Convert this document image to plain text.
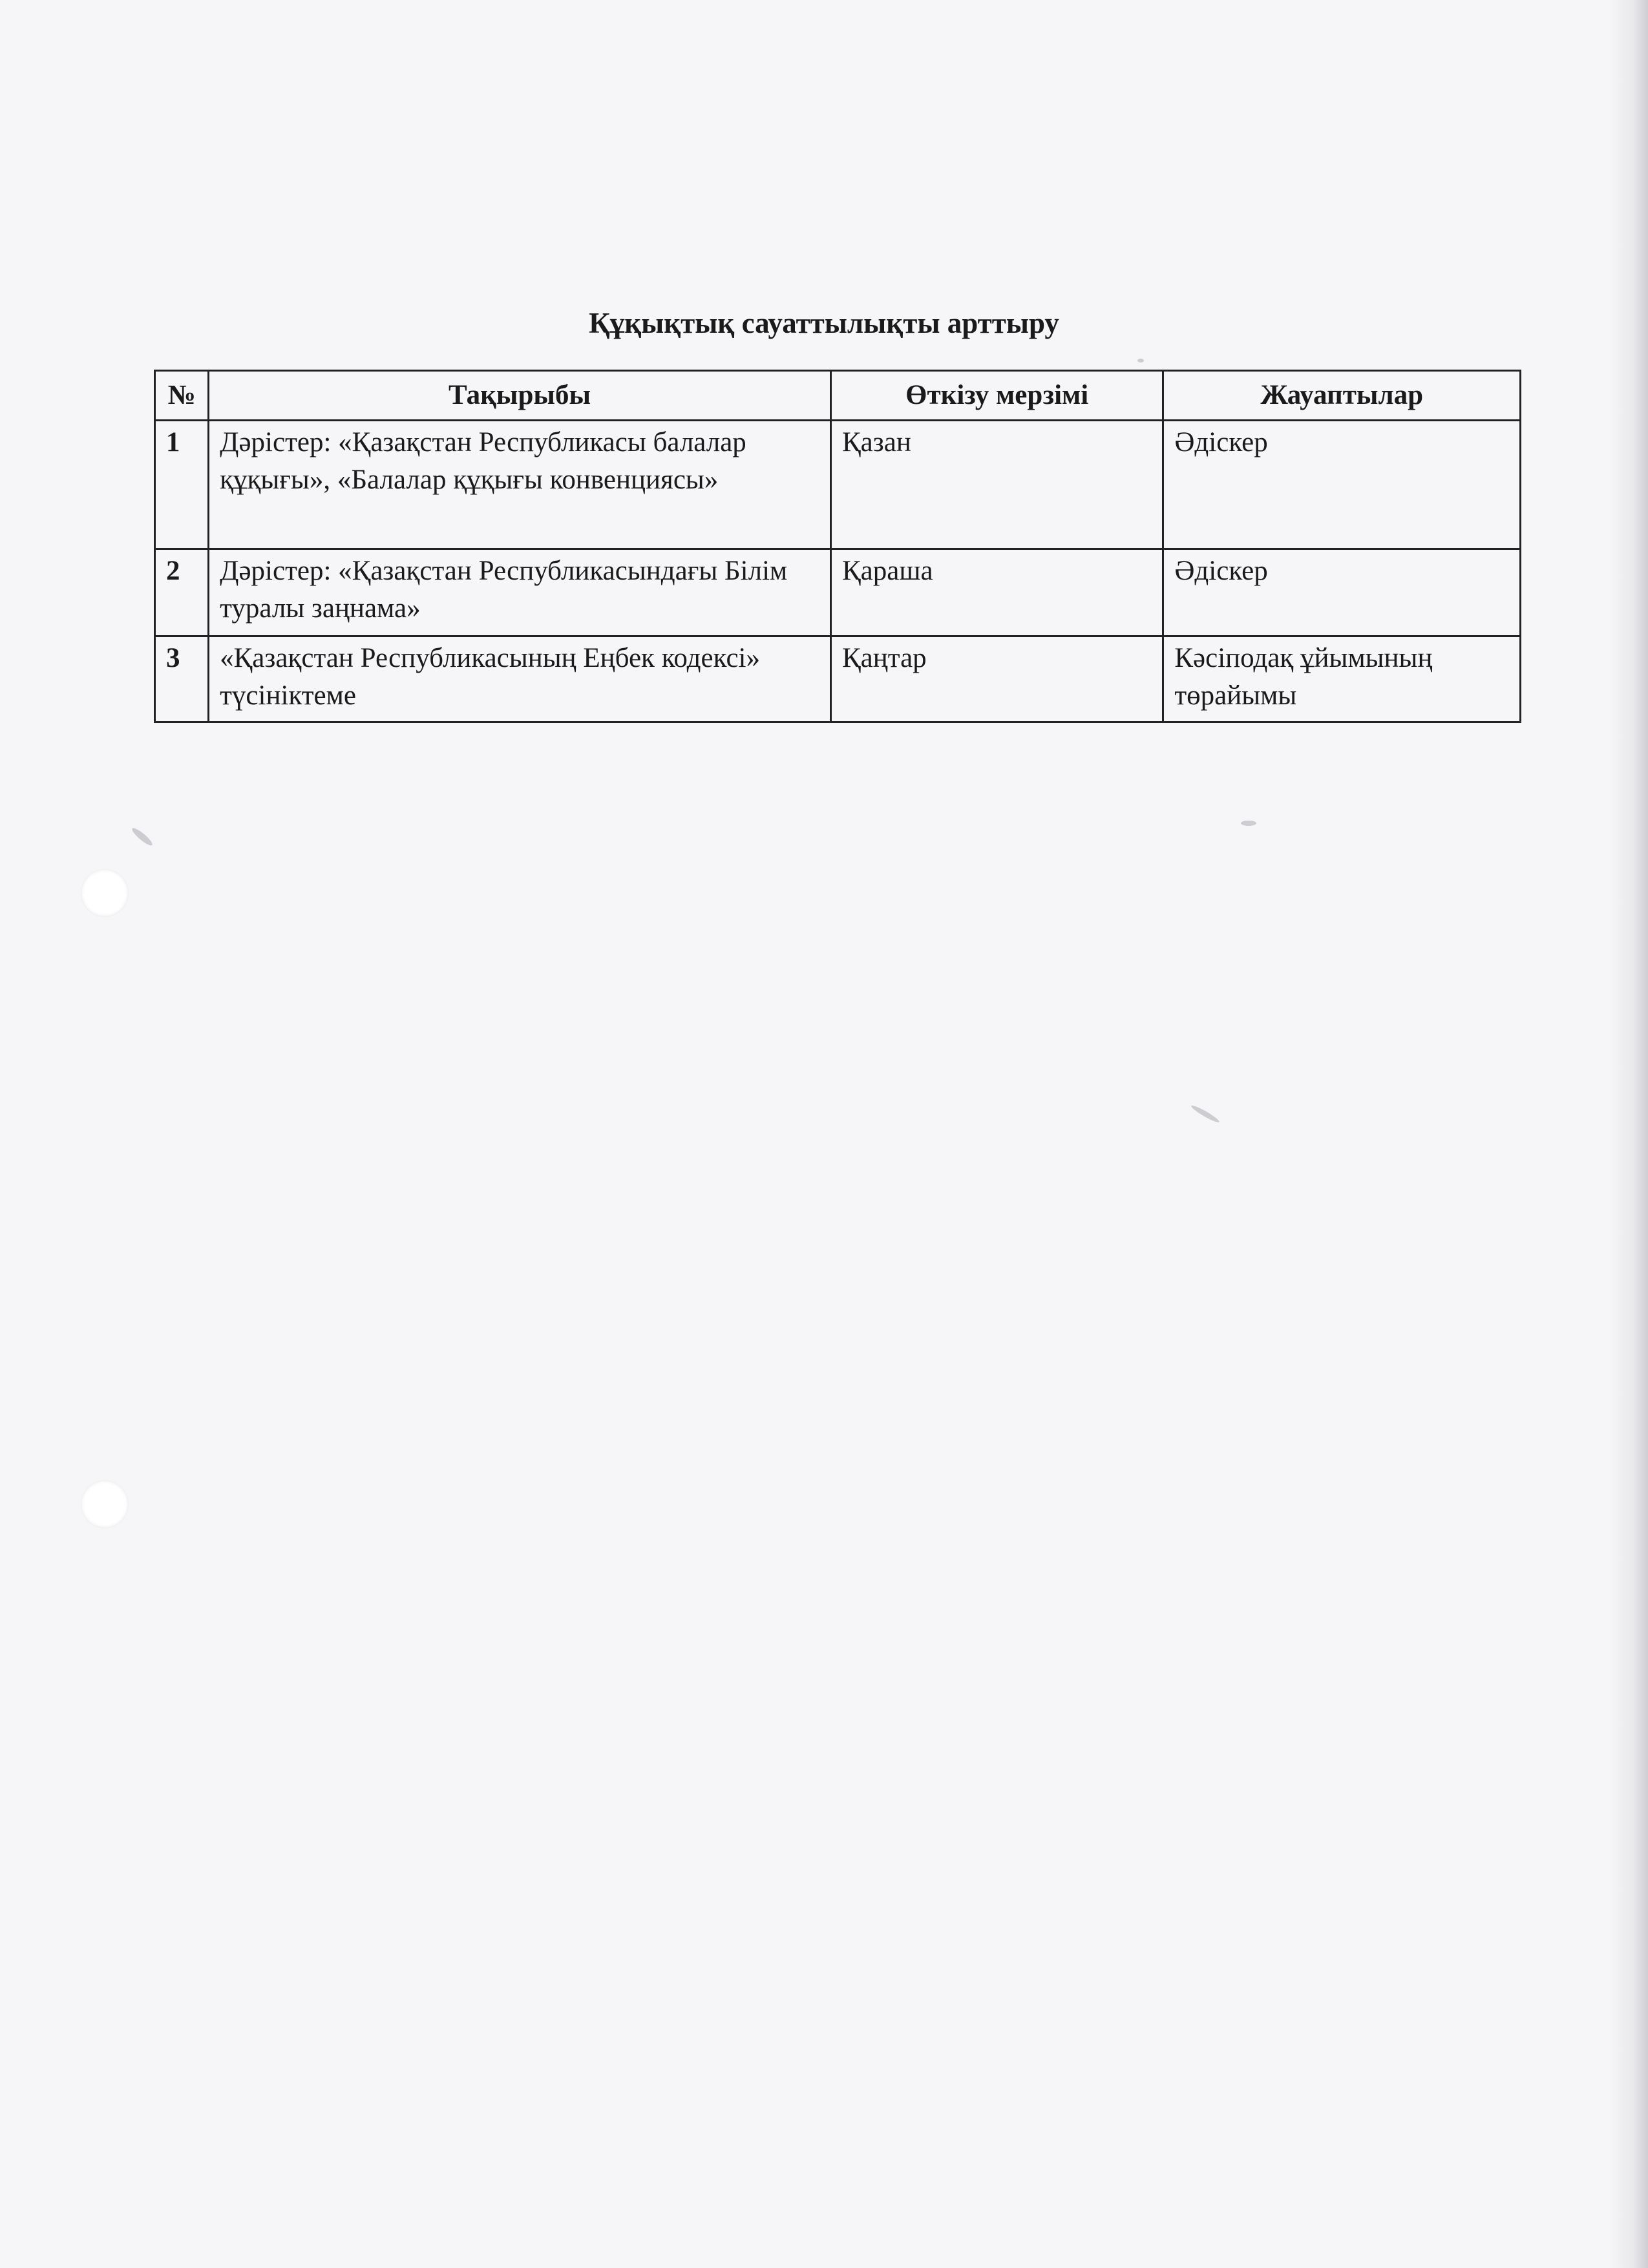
Құқықтық сауаттылықты арттыру
№	Тақырыбы	Өткізу мерзімі	Жауаптылар
1	Дәрістер: «Қазақстан Республикасы балалар құқығы», «Балалар құқығы конвенциясы»	Қазан	Әдіскер
2	Дәрістер: «Қазақстан Республикасындағы Білім туралы заңнама»	Қараша	Әдіскер
3	«Қазақстан Республикасының Еңбек кодексі» түсініктеме	Қаңтар	Кәсіподақ ұйымының төрайымы
